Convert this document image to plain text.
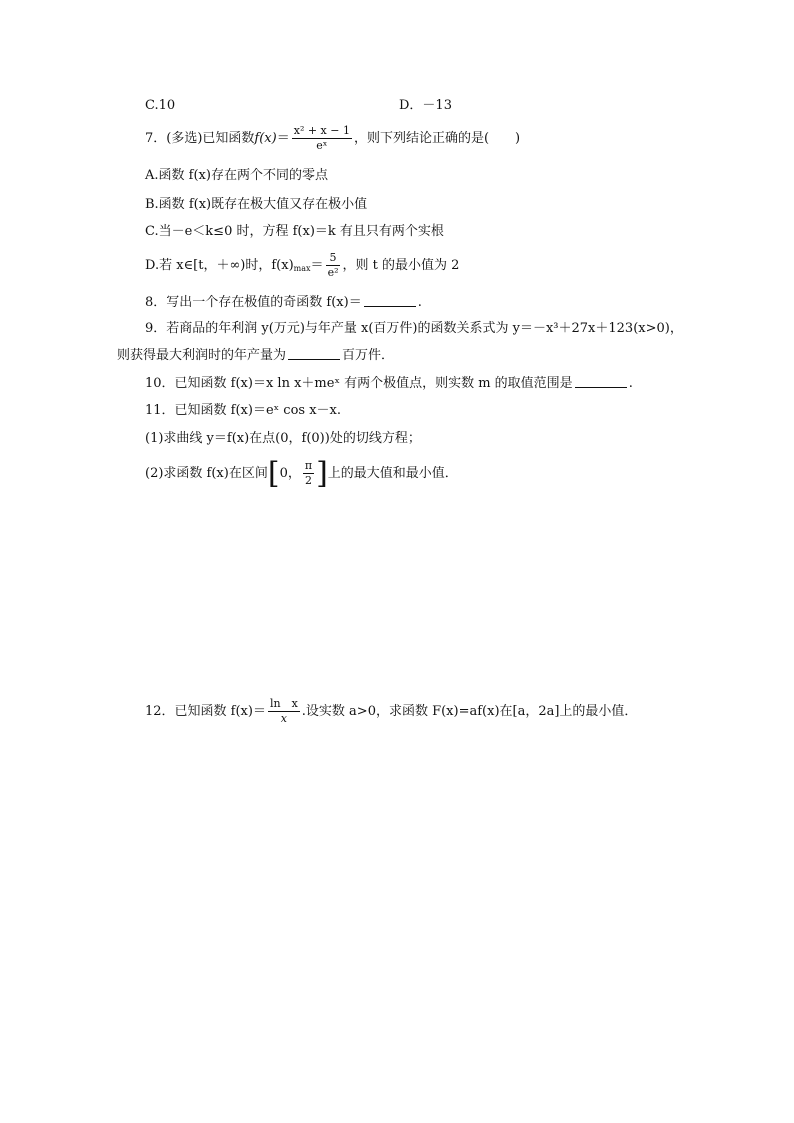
C.10	D．－13
7．(多选)已知函数$f(x)= \frac{\text{x² + x − 1}}{\text{eˣ}}$ ，则下列结论正确的是(　　)
A.函数 f(x)存在两个不同的零点
B.函数 f(x)既存在极大值又存在极小值
C.当－e＜k≤0 时，方程 f(x)＝k 有且只有两个实根
D.若 x∈[t，＋∞)时，$f(x)_{max}= \frac{5}{\text{e²}}$ ，则 t 的最小值为 2
8．写出一个存在极值的奇函数 f(x)＝	.
9．若商品的年利润 y(万元)与年产量 x(百万件)的函数关系式为 y＝－x³＋27x＋123(x>0)，
则获得最大利润时的年产量为	百万件．
10．已知函数 f(x)＝x ln x＋meˣ 有两个极值点，则实数 m 的取值范围是	.
11．已知函数 f(x)＝eˣ cos x－x.
(1)求曲线 y＝f(x)在点(0，f(0))处的切线方程；
(2)求函数 f(x)在区间[0， $\frac{\pi}{2}$ ]上的最大值和最小值．
12．已知函数 $f(x)= \frac{\text{ln　x}}{x}$ .设实数 a>0，求函数 F(x)=af(x)在[a，2a]上的最小值．
